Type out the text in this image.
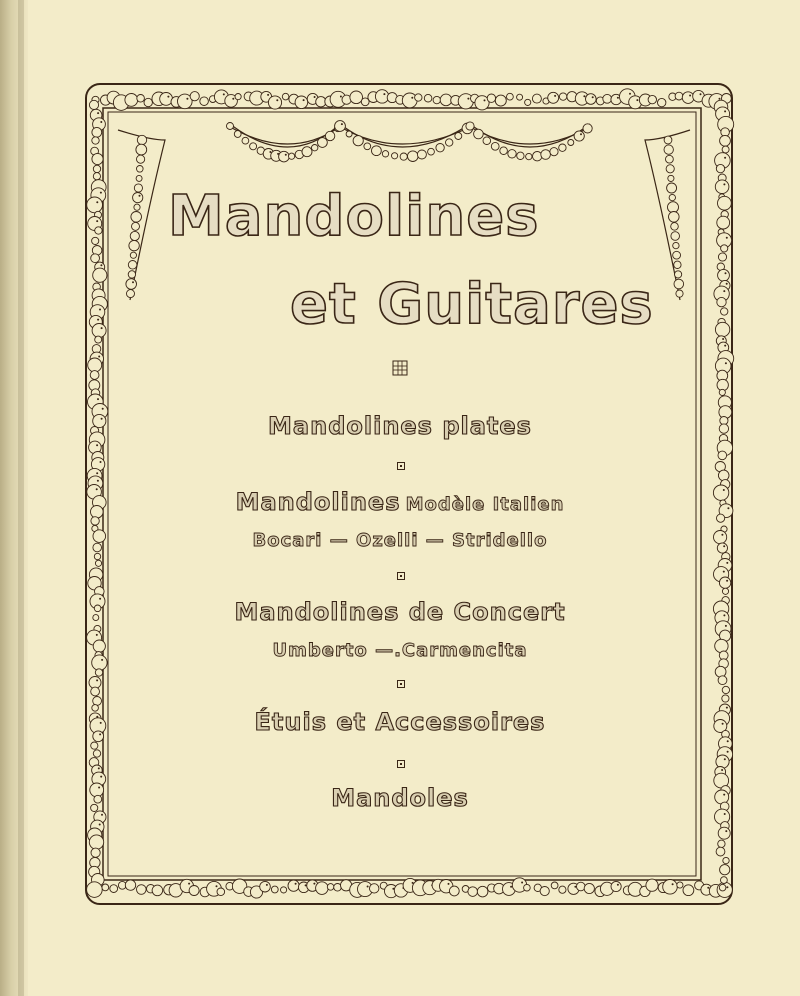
Mandolines
et Guitares
Mandolines plates
Mandolines Modèle Italien
Bocari — Ozelli — Stridello
Mandolines de Concert
Umberto —.Carmencita
Étuis et Accessoires
Mandoles
